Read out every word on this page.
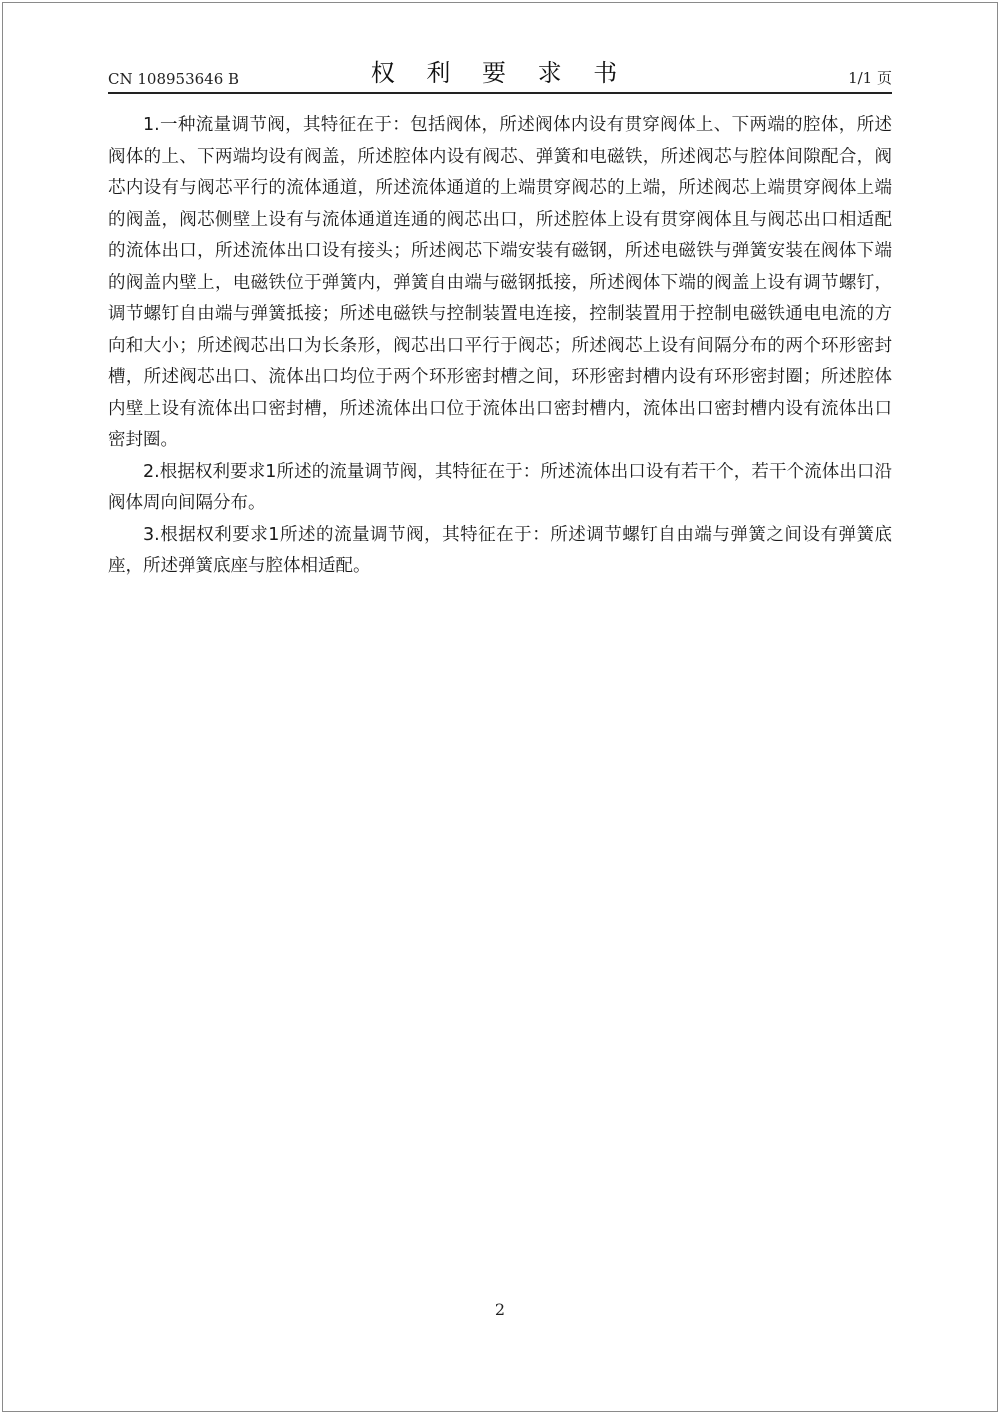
CN 108953646 B	权 利 要 求 书	1/1 页

1.一种流量调节阀，其特征在于：包括阀体，所述阀体内设有贯穿阀体上、下两端的腔体，所述阀体的上、下两端均设有阀盖，所述腔体内设有阀芯、弹簧和电磁铁，所述阀芯与腔体间隙配合，阀芯内设有与阀芯平行的流体通道，所述流体通道的上端贯穿阀芯的上端，所述阀芯上端贯穿阀体上端的阀盖，阀芯侧壁上设有与流体通道连通的阀芯出口，所述腔体上设有贯穿阀体且与阀芯出口相适配的流体出口，所述流体出口设有接头；所述阀芯下端安装有磁钢，所述电磁铁与弹簧安装在阀体下端的阀盖内壁上，电磁铁位于弹簧内，弹簧自由端与磁钢抵接，所述阀体下端的阀盖上设有调节螺钉，调节螺钉自由端与弹簧抵接；所述电磁铁与控制装置电连接，控制装置用于控制电磁铁通电电流的方向和大小；所述阀芯出口为长条形，阀芯出口平行于阀芯；所述阀芯上设有间隔分布的两个环形密封槽，所述阀芯出口、流体出口均位于两个环形密封槽之间，环形密封槽内设有环形密封圈；所述腔体内壁上设有流体出口密封槽，所述流体出口位于流体出口密封槽内，流体出口密封槽内设有流体出口密封圈。

2.根据权利要求1所述的流量调节阀，其特征在于：所述流体出口设有若干个，若干个流体出口沿阀体周向间隔分布。

3.根据权利要求1所述的流量调节阀，其特征在于：所述调节螺钉自由端与弹簧之间设有弹簧底座，所述弹簧底座与腔体相适配。

2
